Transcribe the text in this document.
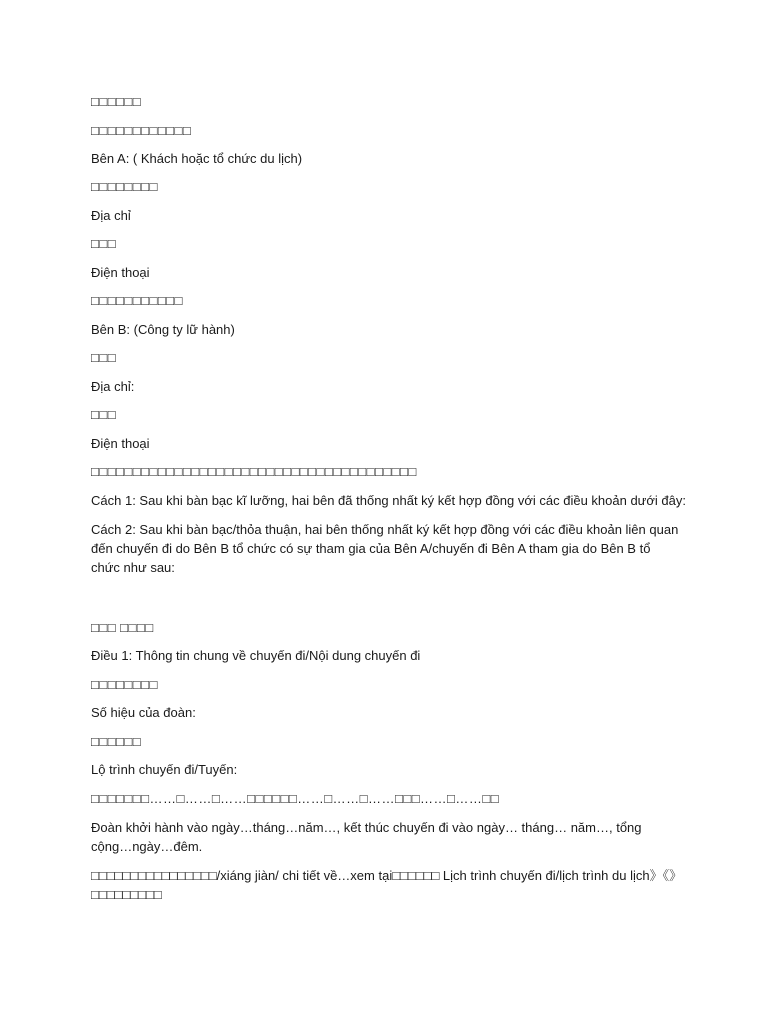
□□□□□□

□□□□□□□□□□□□

Bên A: ( Khách hoặc tổ chức du lịch)

□□□□□□□□

Địa chỉ

□□□

Điện thoại

□□□□□□□□□□□

Bên B: (Công ty lữ hành)

□□□

Địa chỉ:

□□□

Điện thoại

□□□□□□□□□□□□□□□□□□□□□□□□□□□□□□□□□□□□□□□

Cách 1: Sau khi bàn bạc kĩ lưỡng, hai bên đã thống nhất ký kết hợp đồng với các điều khoản dưới đây:

Cách 2: Sau khi bàn bạc/thỏa thuận, hai bên thống nhất ký kết hợp đồng với các điều khoản liên quan đến chuyến đi do Bên B tổ chức có sự tham gia của Bên A/chuyến đi Bên A tham gia do Bên B tổ chức như sau:

□□□ □□□□

Điều 1: Thông tin chung về chuyến đi/Nội dung chuyến đi

□□□□□□□□

Số hiệu của đoàn:

□□□□□□

Lộ trình chuyến đi/Tuyến:

□□□□□□□……□……□……□□□□□□……□……□……□□□……□……□□

Đoàn khởi hành vào ngày…tháng…năm…, kết thúc chuyến đi vào ngày… tháng… năm…, tổng cộng…ngày…đêm.

□□□□□□□□□□□□□□□□/xiáng jiàn/ chi tiết về…xem tại□□□□□□ Lịch trình chuyến đi/lịch trình du lịch》《》□□□□□□□□□
